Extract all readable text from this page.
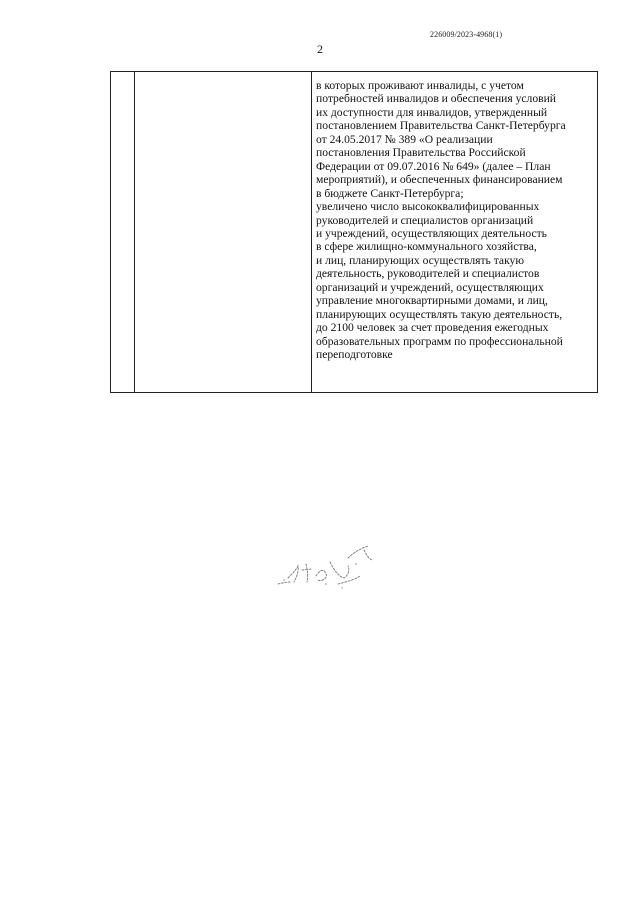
226009/2023-4968(1)
2
в которых проживают инвалиды, с учетом
потребностей инвалидов и обеспечения условий
их доступности для инвалидов, утвержденный
постановлением Правительства Санкт-Петербурга
от 24.05.2017 № 389 «О реализации
постановления Правительства Российской
Федерации от 09.07.2016 № 649» (далее – План
мероприятий), и обеспеченных финансированием
в бюджете Санкт-Петербурга;
увеличено число высококвалифицированных
руководителей и специалистов организаций
и учреждений, осуществляющих деятельность
в сфере жилищно-коммунального хозяйства,
и лиц, планирующих осуществлять такую
деятельность, руководителей и специалистов
организаций и учреждений, осуществляющих
управление многоквартирными домами, и лиц,
планирующих осуществлять такую деятельность,
до 2100 человек за счет проведения ежегодных
образовательных программ по профессиональной
переподготовке
